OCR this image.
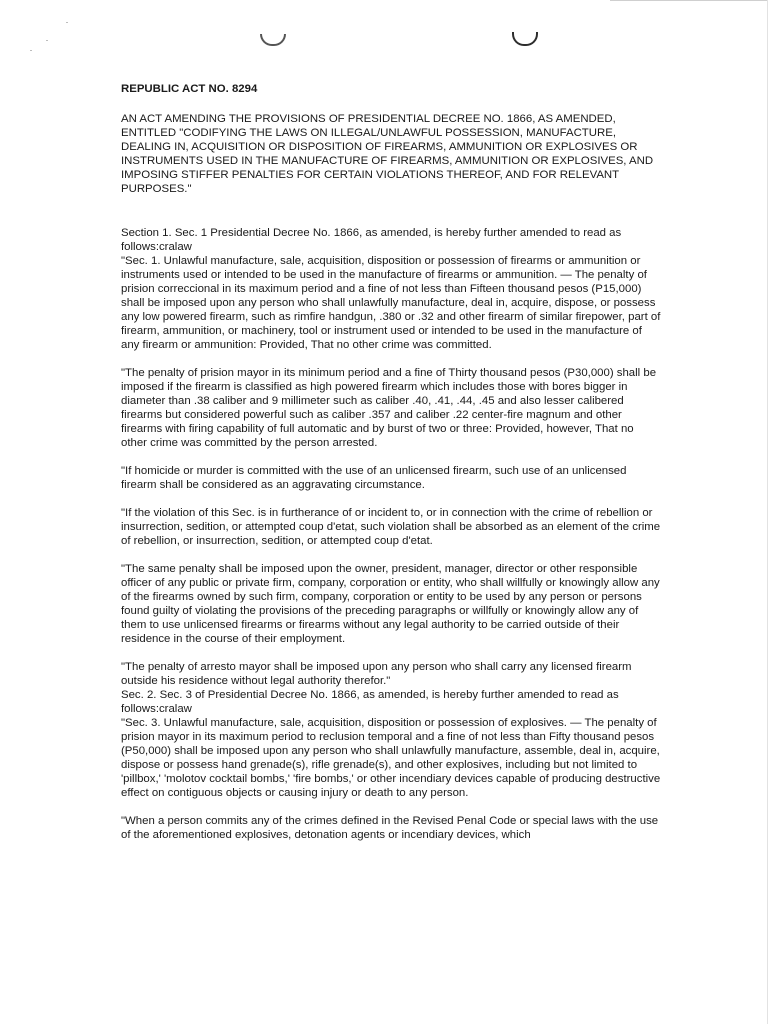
REPUBLIC ACT NO. 8294

AN ACT AMENDING THE PROVISIONS OF PRESIDENTIAL DECREE NO. 1866, AS AMENDED, ENTITLED "CODIFYING THE LAWS ON ILLEGAL/UNLAWFUL POSSESSION, MANUFACTURE, DEALING IN, ACQUISITION OR DISPOSITION OF FIREARMS, AMMUNITION OR EXPLOSIVES OR INSTRUMENTS USED IN THE MANUFACTURE OF FIREARMS, AMMUNITION OR EXPLOSIVES, AND IMPOSING STIFFER PENALTIES FOR CERTAIN VIOLATIONS THEREOF, AND FOR RELEVANT PURPOSES."

Section 1. Sec. 1 Presidential Decree No. 1866, as amended, is hereby further amended to read as follows:cralaw
"Sec. 1. Unlawful manufacture, sale, acquisition, disposition or possession of firearms or ammunition or instruments used or intended to be used in the manufacture of firearms or ammunition. — The penalty of prision correccional in its maximum period and a fine of not less than Fifteen thousand pesos (P15,000) shall be imposed upon any person who shall unlawfully manufacture, deal in, acquire, dispose, or possess any low powered firearm, such as rimfire handgun, .380 or .32 and other firearm of similar firepower, part of firearm, ammunition, or machinery, tool or instrument used or intended to be used in the manufacture of any firearm or ammunition: Provided, That no other crime was committed.

"The penalty of prision mayor in its minimum period and a fine of Thirty thousand pesos (P30,000) shall be imposed if the firearm is classified as high powered firearm which includes those with bores bigger in diameter than .38 caliber and 9 millimeter such as caliber .40, .41, .44, .45 and also lesser calibered firearms but considered powerful such as caliber .357 and caliber .22 center-fire magnum and other firearms with firing capability of full automatic and by burst of two or three: Provided, however, That no other crime was committed by the person arrested.

"If homicide or murder is committed with the use of an unlicensed firearm, such use of an unlicensed firearm shall be considered as an aggravating circumstance.

"If the violation of this Sec. is in furtherance of or incident to, or in connection with the crime of rebellion or insurrection, sedition, or attempted coup d'etat, such violation shall be absorbed as an element of the crime of rebellion, or insurrection, sedition, or attempted coup d'etat.

"The same penalty shall be imposed upon the owner, president, manager, director or other responsible officer of any public or private firm, company, corporation or entity, who shall willfully or knowingly allow any of the firearms owned by such firm, company, corporation or entity to be used by any person or persons found guilty of violating the provisions of the preceding paragraphs or willfully or knowingly allow any of them to use unlicensed firearms or firearms without any legal authority to be carried outside of their residence in the course of their employment.

"The penalty of arresto mayor shall be imposed upon any person who shall carry any licensed firearm outside his residence without legal authority therefor."
Sec. 2. Sec. 3 of Presidential Decree No. 1866, as amended, is hereby further amended to read as follows:cralaw
"Sec. 3. Unlawful manufacture, sale, acquisition, disposition or possession of explosives. — The penalty of prision mayor in its maximum period to reclusion temporal and a fine of not less than Fifty thousand pesos (P50,000) shall be imposed upon any person who shall unlawfully manufacture, assemble, deal in, acquire, dispose or possess hand grenade(s), rifle grenade(s), and other explosives, including but not limited to 'pillbox,' 'molotov cocktail bombs,' 'fire bombs,' or other incendiary devices capable of producing destructive effect on contiguous objects or causing injury or death to any person.

"When a person commits any of the crimes defined in the Revised Penal Code or special laws with the use of the aforementioned explosives, detonation agents or incendiary devices, which
